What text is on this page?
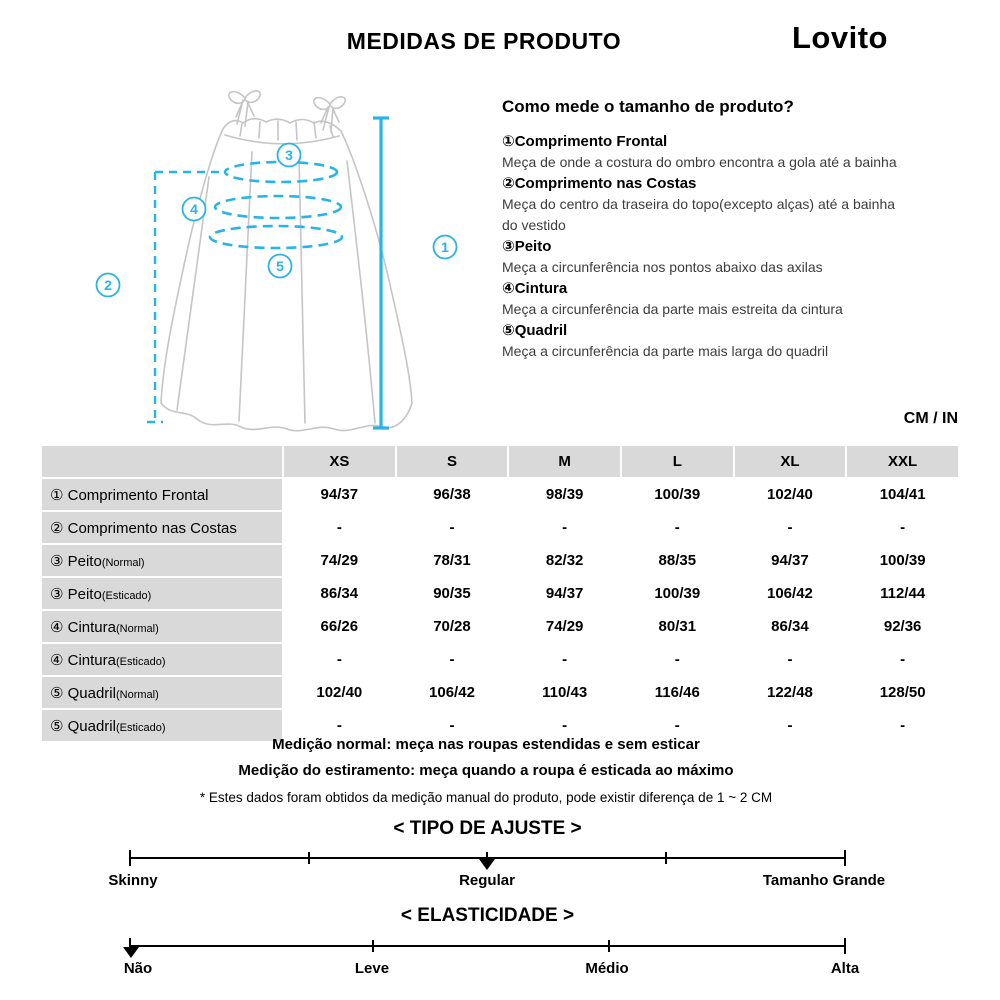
MEDIDAS DE PRODUTO	Lovito
1
2
3
4
5
Como mede o tamanho de produto?
①Comprimento Frontal
Meça de onde a costura do ombro encontra a gola até a bainha
②Comprimento nas Costas
Meça do centro da traseira do topo(excepto alças) até a bainha do vestido
③Peito
Meça a circunferência nos pontos abaixo das axilas
④Cintura
Meça a circunferência da parte mais estreita da cintura
⑤Quadril
Meça a circunferência da parte mais larga do quadril
CM / IN
	XS	S	M	L	XL	XXL
① Comprimento Frontal	94/37	96/38	98/39	100/39	102/40	104/41
② Comprimento nas Costas	-	-	-	-	-	-
③ Peito(Normal)	74/29	78/31	82/32	88/35	94/37	100/39
③ Peito(Esticado)	86/34	90/35	94/37	100/39	106/42	112/44
④ Cintura(Normal)	66/26	70/28	74/29	80/31	86/34	92/36
④ Cintura(Esticado)	-	-	-	-	-	-
⑤ Quadril(Normal)	102/40	106/42	110/43	116/46	122/48	128/50
⑤ Quadril(Esticado)	-	-	-	-	-	-
Medição normal: meça nas roupas estendidas e sem esticar
Medição do estiramento: meça quando a roupa é esticada ao máximo
* Estes dados foram obtidos da medição manual do produto, pode existir diferença de 1 ~ 2 CM
< TIPO DE AJUSTE >
Skinny	Regular	Tamanho Grande
< ELASTICIDADE >
Não	Leve	Médio	Alta
